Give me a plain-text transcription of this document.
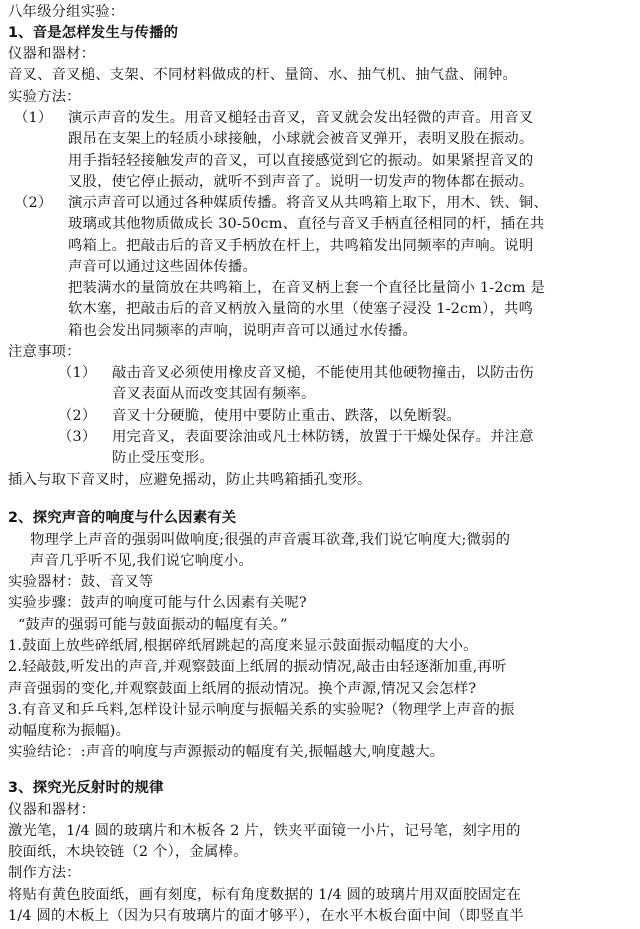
八年级分组实验：
1、音是怎样发生与传播的
仪器和器材：
音叉、音叉槌、支架、不同材料做成的杆、量筒、水、抽气机、抽气盘、闹钟。
实验方法：
（1） 演示声音的发生。用音叉槌轻击音叉，音叉就会发出轻微的声音。用音叉
跟吊在支架上的轻质小球接触，小球就会被音叉弹开，表明叉股在振动。
用手指轻轻接触发声的音叉，可以直接感觉到它的振动。如果紧捏音叉的
叉股，使它停止振动，就听不到声音了。说明一切发声的物体都在振动。
（2） 演示声音可以通过各种媒质传播。将音叉从共鸣箱上取下，用木、铁、铜、
玻璃或其他物质做成长 30-50cm、直径与音叉手柄直径相同的杆，插在共
鸣箱上。把敲击后的音叉手柄放在杆上，共鸣箱发出同频率的声响。说明
声音可以通过这些固体传播。
把装满水的量筒放在共鸣箱上，在音叉柄上套一个直径比量筒小 1-2cm 是
软木塞，把敲击后的音叉柄放入量筒的水里（使塞子浸没 1-2cm），共鸣
箱也会发出同频率的声响，说明声音可以通过水传播。
注意事项：
（1） 敲击音叉必须使用橡皮音叉槌，不能使用其他硬物撞击，以防击伤
音叉表面从而改变其固有频率。
（2） 音叉十分硬脆，使用中要防止重击、跌落，以免断裂。
（3） 用完音叉，表面要涂油或凡士林防锈，放置于干燥处保存。并注意
防止受压变形。
插入与取下音叉时，应避免摇动，防止共鸣箱插孔变形。
2、探究声音的响度与什么因素有关
物理学上声音的强弱叫做响度;很强的声音震耳欲聋,我们说它响度大;微弱的
声音几乎听不见,我们说它响度小。
实验器材：鼓、音叉等
实验步骤：鼓声的响度可能与什么因素有关呢?
“鼓声的强弱可能与鼓面振动的幅度有关。”
1.鼓面上放些碎纸屑,根据碎纸屑跳起的高度来显示鼓面振动幅度的大小。
2.轻敲鼓,听发出的声音,并观察鼓面上纸屑的振动情况,敲击由轻逐渐加重,再听
声音强弱的变化,并观察鼓面上纸屑的振动情况。换个声源,情况又会怎样?
3.有音叉和乒乓料,怎样设计显示响度与振幅关系的实验呢?（物理学上声音的振
动幅度称为振幅)。
实验结论：:声音的响度与声源振动的幅度有关,振幅越大,响度越大。
3、探究光反射时的规律
仪器和器材：
激光笔，1/4 圆的玻璃片和木板各 2 片，铁夹平面镜一小片，记号笔，刻字用的
胶面纸，木块铰链（2 个），金属棒。
制作方法：
将贴有黄色胶面纸，画有刻度，标有角度数据的 1/4 圆的玻璃片用双面胶固定在
1/4 圆的木板上（因为只有玻璃片的面才够平），在水平木板台面中间（即竖直半
